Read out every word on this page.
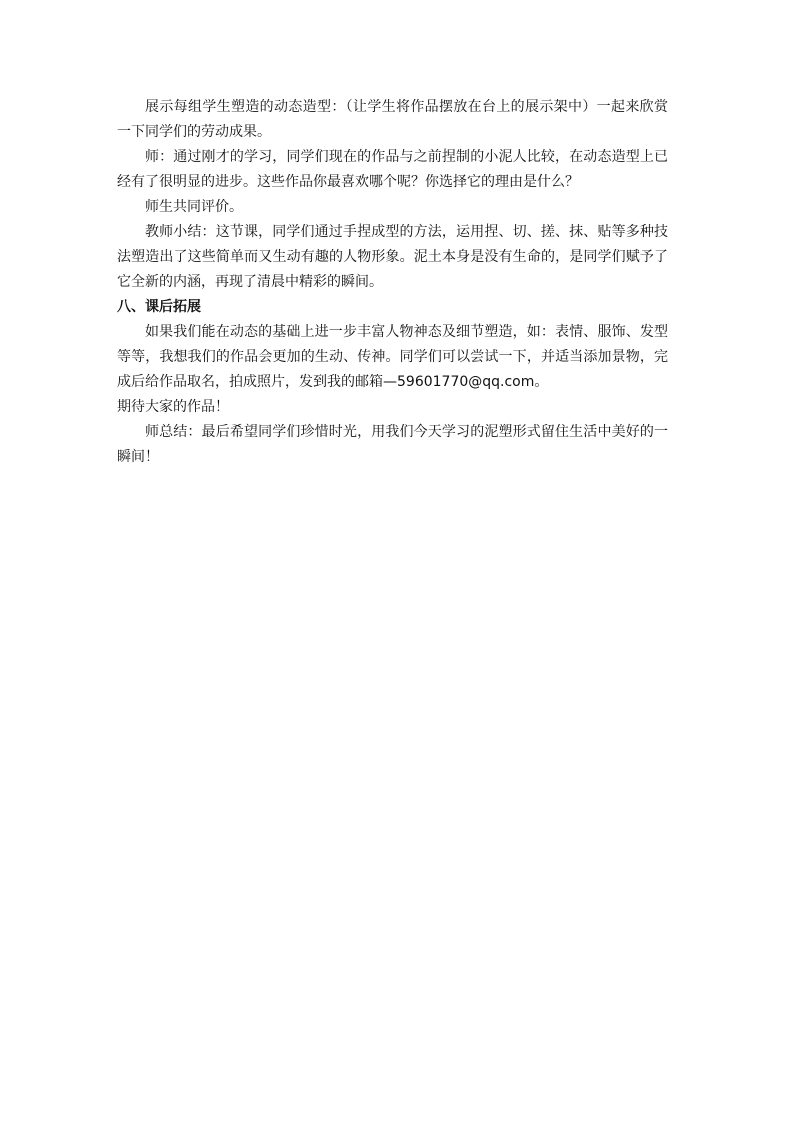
展示每组学生塑造的动态造型：（让学生将作品摆放在台上的展示架中）一起来欣赏一下同学们的劳动成果。

师：通过刚才的学习，同学们现在的作品与之前捏制的小泥人比较，在动态造型上已经有了很明显的进步。这些作品你最喜欢哪个呢？你选择它的理由是什么？

师生共同评价。

教师小结：这节课，同学们通过手捏成型的方法，运用捏、切、搓、抹、贴等多种技法塑造出了这些简单而又生动有趣的人物形象。泥土本身是没有生命的，是同学们赋予了它全新的内涵，再现了清晨中精彩的瞬间。

八、课后拓展

如果我们能在动态的基础上进一步丰富人物神态及细节塑造，如：表情、服饰、发型等等，我想我们的作品会更加的生动、传神。同学们可以尝试一下，并适当添加景物，完成后给作品取名，拍成照片，发到我的邮箱—59601770@qq.com。

期待大家的作品！

师总结：最后希望同学们珍惜时光，用我们今天学习的泥塑形式留住生活中美好的一瞬间！
